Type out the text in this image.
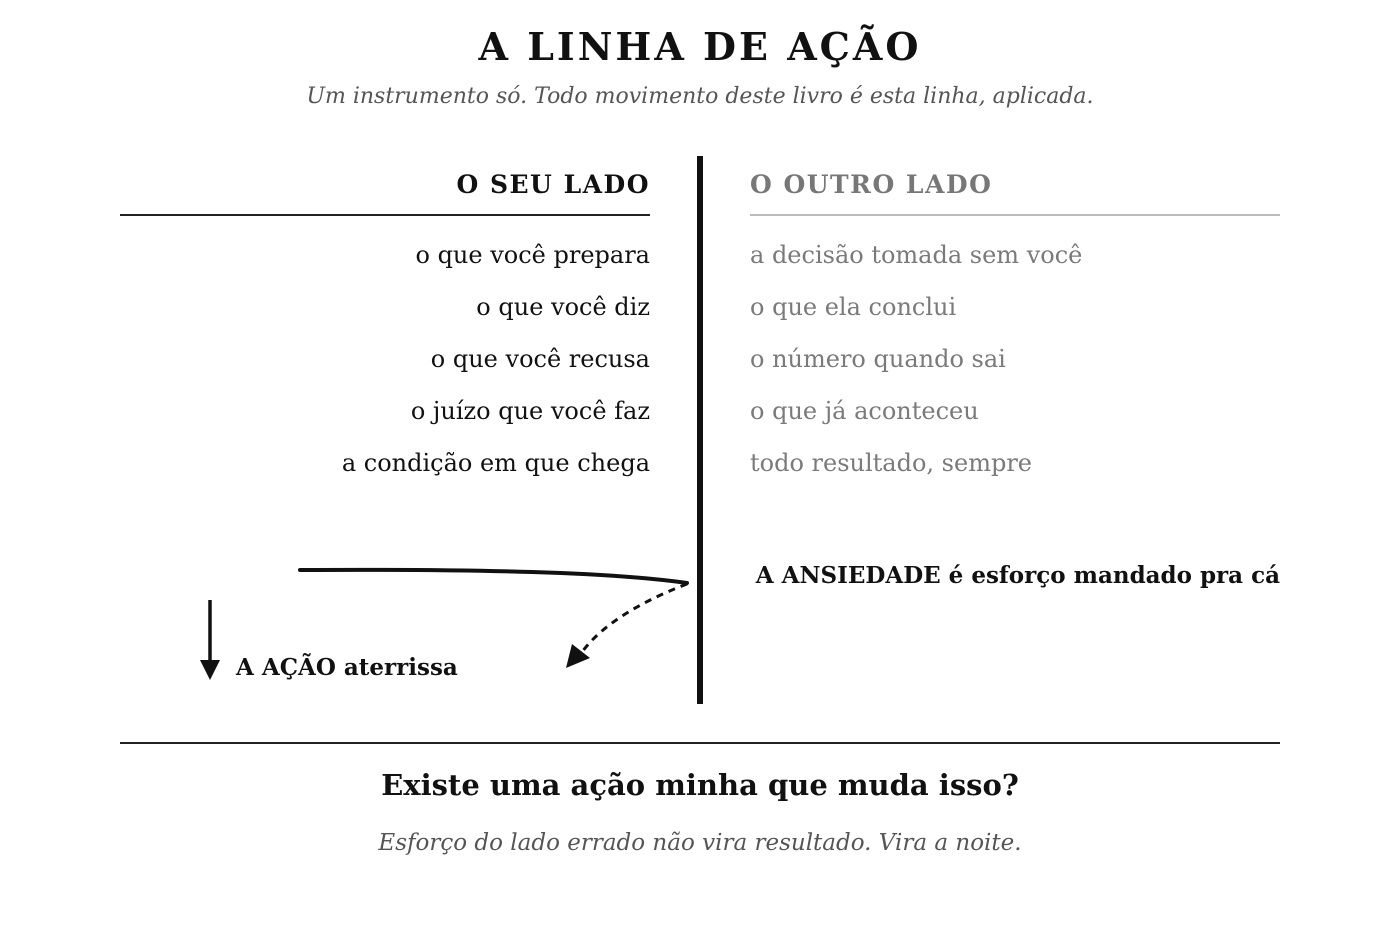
A LINHA DE AÇÃO
Um instrumento só. Todo movimento deste livro é esta linha, aplicada.
O SEU LADO	O OUTRO LADO
o que você prepara
o que você diz
o que você recusa
o juízo que você faz
a condição em que chega
a decisão tomada sem você
o que ela conclui
o número quando sai
o que já aconteceu
todo resultado, sempre
A ANSIEDADE é esforço mandado pra cá
A AÇÃO aterrissa
Existe uma ação minha que muda isso?
Esforço do lado errado não vira resultado. Vira a noite.
